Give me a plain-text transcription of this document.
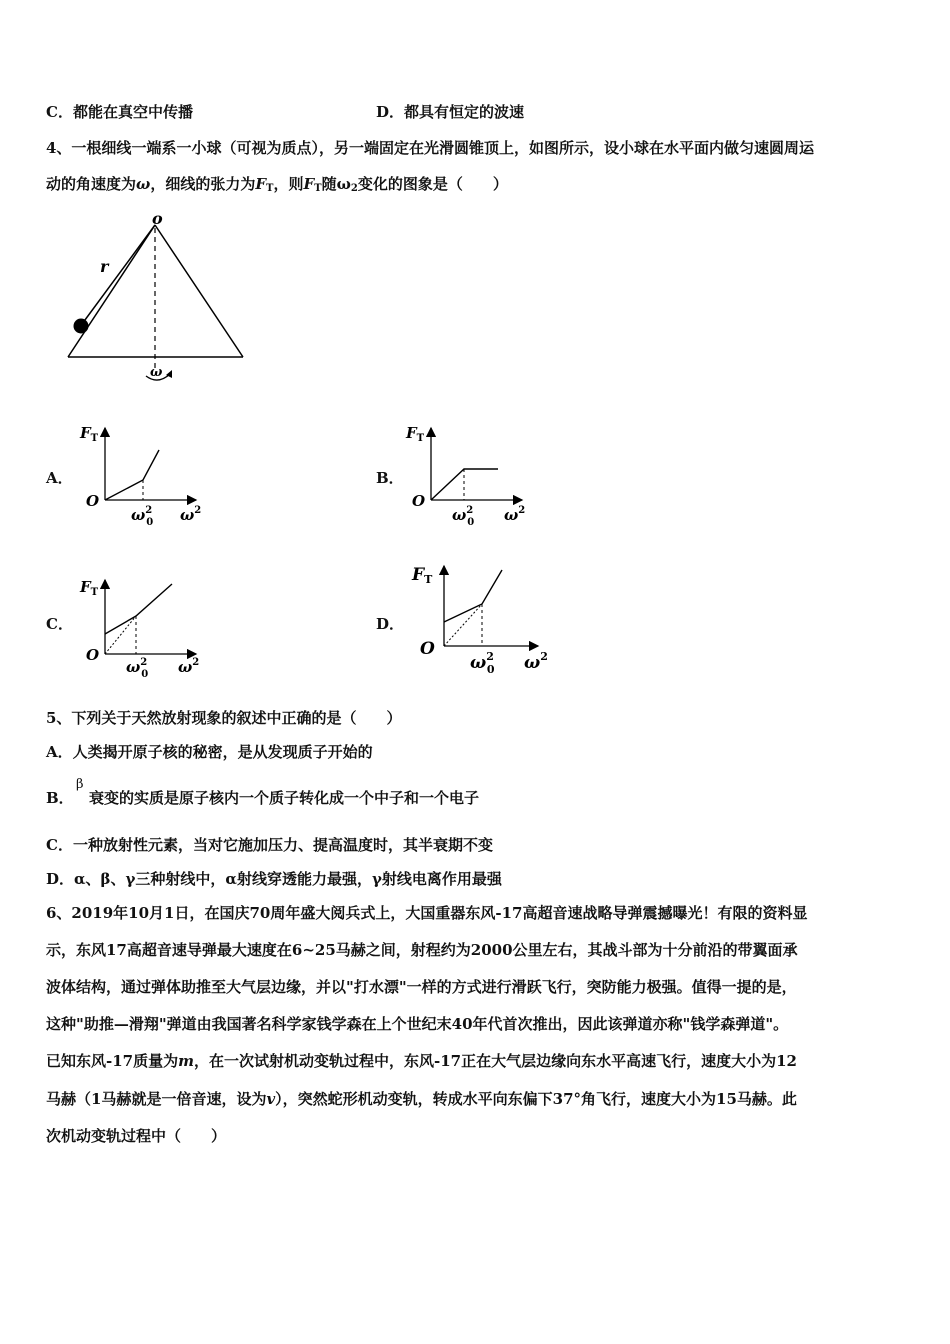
C．都能在真空中传播	D．都具有恒定的波速
4、一根细线一端系一小球（可视为质点），另一端固定在光滑圆锥顶上，如图所示，设小球在水平面内做匀速圆周运
动的角速度为ω，细线的张力为$F_T$，则$F_T$随$\omega_2$变化的图象是（　　）
o
r
ω
A．	B．
C．	D．
$F_T$
O
$\omega^2$ 0 $\omega^2$
$F_T$
O
$\omega^2$ 0 $\omega^2$
$F_T$
O
$\omega^2$ 0 $\omega^2$
FT
O
$\omega^2$ 0 $\omega^2$
5、下列关于天然放射现象的叙述中正确的是（　　）
A．人类揭开原子核的秘密，是从发现质子开始的
β
B． 衰变的实质是原子核内一个质子转化成一个中子和一个电子
C．一种放射性元素，当对它施加压力、提高温度时，其半衰期不变
D．α、β、γ三种射线中，α射线穿透能力最强，γ射线电离作用最强
6、2019年10月1日，在国庆70周年盛大阅兵式上，大国重器东风-17高超音速战略导弹震撼曝光！有限的资料显
示，东风17高超音速导弹最大速度在6~25马赫之间，射程约为2000公里左右，其战斗部为十分前沿的带翼面承
波体结构，通过弹体助推至大气层边缘，并以"打水漂"一样的方式进行滑跃飞行，突防能力极强。值得一提的是，
这种"助推—滑翔"弹道由我国著名科学家钱学森在上个世纪末40年代首次推出，因此该弹道亦称"钱学森弹道"。
已知东风-17质量为m，在一次试射机动变轨过程中，东风-17正在大气层边缘向东水平高速飞行，速度大小为12
马赫（1马赫就是一倍音速，设为v），突然蛇形机动变轨，转成水平向东偏下37°角飞行，速度大小为15马赫。此
次机动变轨过程中（　　）
